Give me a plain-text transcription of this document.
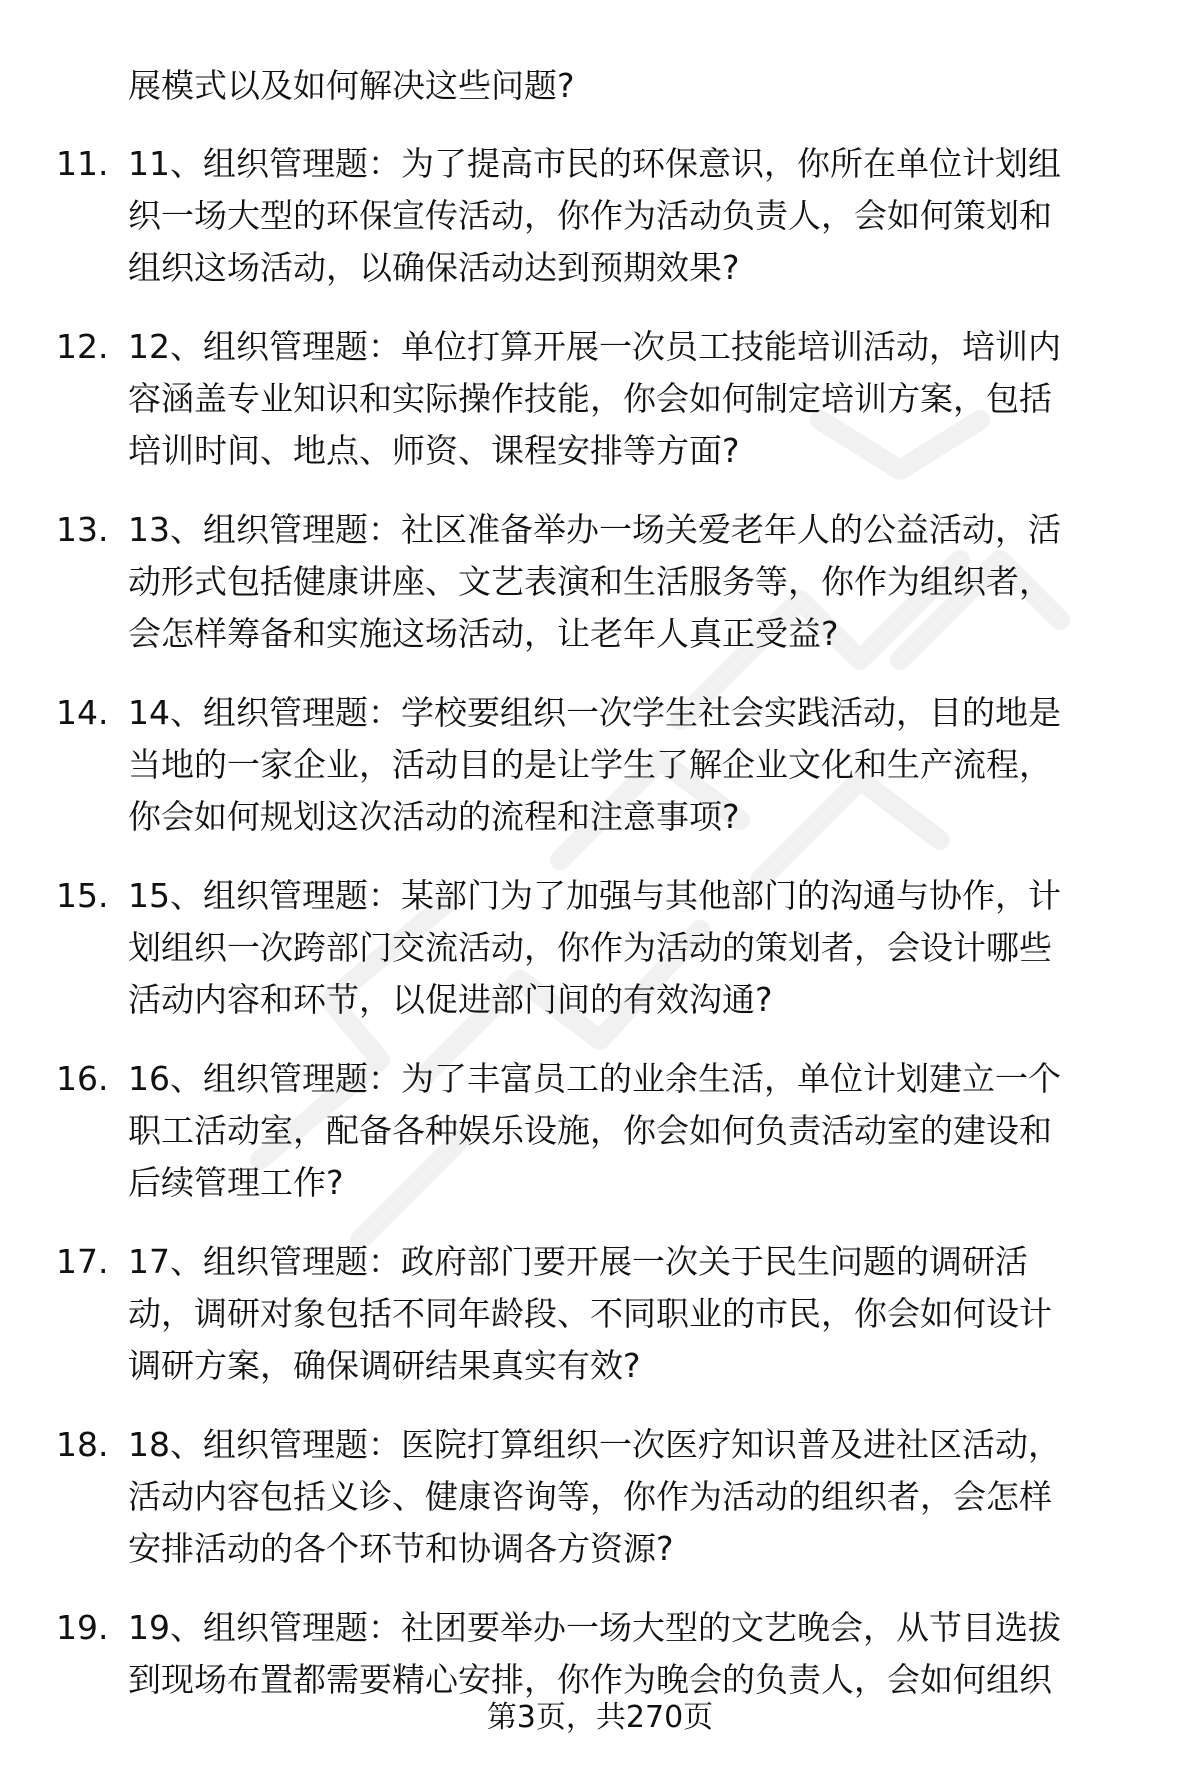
展模式以及如何解决这些问题?
11. 11、组织管理题：为了提高市民的环保意识，你所在单位计划组
织一场大型的环保宣传活动，你作为活动负责人，会如何策划和
组织这场活动，以确保活动达到预期效果?
12. 12、组织管理题：单位打算开展一次员工技能培训活动，培训内
容涵盖专业知识和实际操作技能，你会如何制定培训方案，包括
培训时间、地点、师资、课程安排等方面?
13. 13、组织管理题：社区准备举办一场关爱老年人的公益活动，活
动形式包括健康讲座、文艺表演和生活服务等，你作为组织者，
会怎样筹备和实施这场活动，让老年人真正受益?
14. 14、组织管理题：学校要组织一次学生社会实践活动，目的地是
当地的一家企业，活动目的是让学生了解企业文化和生产流程，
你会如何规划这次活动的流程和注意事项?
15. 15、组织管理题：某部门为了加强与其他部门的沟通与协作，计
划组织一次跨部门交流活动，你作为活动的策划者，会设计哪些
活动内容和环节，以促进部门间的有效沟通?
16. 16、组织管理题：为了丰富员工的业余生活，单位计划建立一个
职工活动室，配备各种娱乐设施，你会如何负责活动室的建设和
后续管理工作?
17. 17、组织管理题：政府部门要开展一次关于民生问题的调研活
动，调研对象包括不同年龄段、不同职业的市民，你会如何设计
调研方案，确保调研结果真实有效?
18. 18、组织管理题：医院打算组织一次医疗知识普及进社区活动，
活动内容包括义诊、健康咨询等，你作为活动的组织者，会怎样
安排活动的各个环节和协调各方资源?
19. 19、组织管理题：社团要举办一场大型的文艺晚会，从节目选拔
到现场布置都需要精心安排，你作为晚会的负责人，会如何组织
第3页，共270页
